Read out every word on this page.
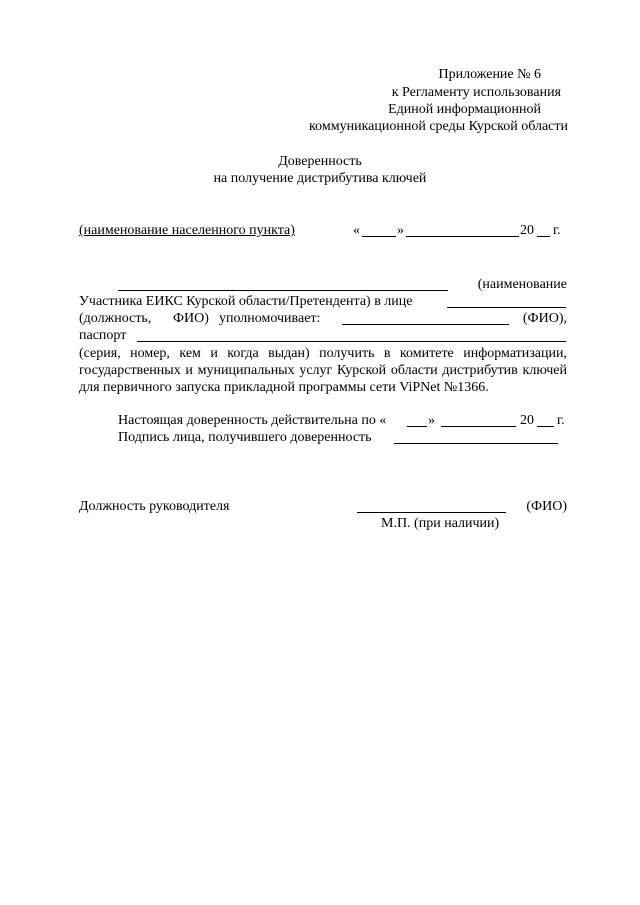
Приложение № 6
к Регламенту использования
Единой информационной
коммуникационной среды Курской области
Доверенность
на получение дистрибутива ключей
(наименование населенного пункта)	«	»	20 г.
(наименование
Участника ЕИКС Курской области/Претендента) в лице
(должность, ФИО) уполномочивает:	(ФИО),
паспорт
(серия, номер, кем и когда выдан) получить в комитете информатизации, государственных и муниципальных услуг Курской области дистрибутив ключей для первичного запуска прикладной программы сети ViPNet №1366.
Настоящая доверенность действительна по «	»	20 г.
Подпись лица, получившего доверенность
Должность руководителя	(ФИО)
М.П. (при наличии)
